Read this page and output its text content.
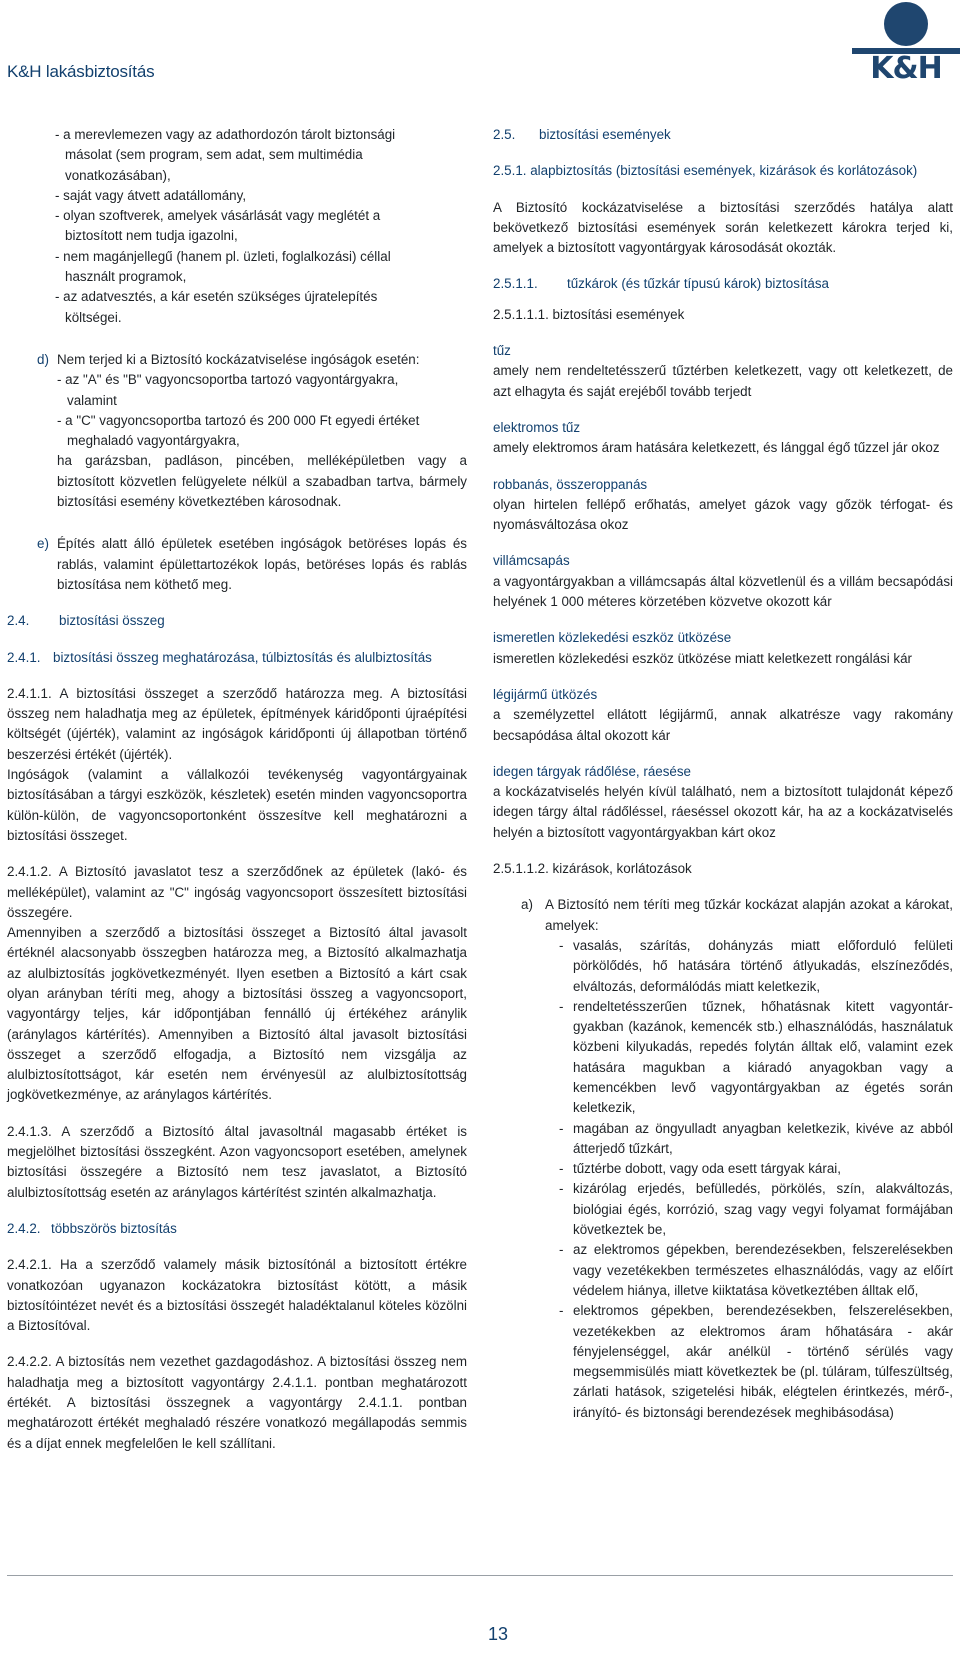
K&H lakásbiztosítás	K&H

- a merevlemezen vagy az adathordozón tárolt biztonsági

másolat (sem program, sem adat, sem multimédia

vonatkozásában),

- saját vagy átvett adatállomány,

- olyan szoftverek, amelyek vásárlását vagy meglétét a

biztosított nem tudja igazolni,

- nem magánjellegű (hanem pl. üzleti, foglalkozási) céllal

használt programok,

- az adatvesztés, a kár esetén szükséges újratelepítés

költségei.

d) Nem terjed ki a Biztosító kockázatviselése ingóságok esetén:

- az "A" és "B" vagyoncsoportba tartozó vagyontárgyakra,

valamint

- a "C" vagyoncsoportba tartozó és 200 000 Ft egyedi értéket

meghaladó vagyontárgyakra,

ha garázsban, padláson, pincében, melléképületben vagy a biztosított közvetlen felügyelete nélkül a szabadban tartva, bármely biztosítási esemény következtében károsodnak.

e) Építés alatt álló épületek esetében ingóságok betöréses lopás és rablás, valamint épülettartozékok lopás, betöréses lopás és rablás biztosítása nem köthető meg.

2.4. biztosítási összeg

2.4.1. biztosítási összeg meghatározása, túlbiztosítás és alulbiztosítás

2.4.1.1. A biztosítási összeget a szerződő határozza meg. A biztosítási összeg nem haladhatja meg az épületek, építmények káridőponti újraépítési költségét (újérték), valamint az ingóságok káridőponti új állapotban történő beszerzési értékét (újérték).

Ingóságok (valamint a vállalkozói tevékenység vagyontárgyainak biztosításában a tárgyi eszközök, készletek) esetén minden vagyoncsoportra külön-külön, de vagyoncsoportonként összesítve kell meghatározni a biztosítási összeget.

2.4.1.2. A Biztosító javaslatot tesz a szerződőnek az épületek (lakó- és melléképület), valamint az "C" ingóság vagyoncsoport összesített biztosítási összegére.

Amennyiben a szerződő a biztosítási összeget a Biztosító által javasolt értéknél alacsonyabb összegben határozza meg, a Biztosító alkalmazhatja az alulbiztosítás jogkövetkezményét. Ilyen esetben a Biztosító a kárt csak olyan arányban téríti meg, ahogy a biztosítási összeg a vagyoncsoport, vagyontárgy teljes, kár időpontjában fennálló új értékéhez aránylik (aránylagos kártérítés). Amennyiben a Biztosító által javasolt biztosítási összeget a szerződő elfogadja, a Biztosító nem vizsgálja az alulbiztosítottságot, kár esetén nem érvényesül az alulbiztosítottság jogkövetkezménye, az aránylagos kártérítés.

2.4.1.3. A szerződő a Biztosító által javasoltnál magasabb értéket is megjelölhet biztosítási összegként. Azon vagyoncsoport esetében, amelynek biztosítási összegére a Biztosító nem tesz javaslatot, a Biztosító alulbiztosítottság esetén az aránylagos kártérítést szintén alkalmazhatja.

2.4.2. többszörös biztosítás

2.4.2.1. Ha a szerződő valamely másik biztosítónál a biztosított értékre vonatkozóan ugyanazon kockázatokra biztosítást kötött, a másik biztosítóintézet nevét és a biztosítási összegét haladéktalanul köteles közölni a Biztosítóval.

2.4.2.2. A biztosítás nem vezethet gazdagodáshoz. A biztosítási összeg nem haladhatja meg a biztosított vagyontárgy 2.4.1.1. pontban meghatározott értékét. A biztosítási összegnek a vagyontárgy 2.4.1.1. pontban meghatározott értékét meghaladó részére vonatkozó megállapodás semmis és a díjat ennek megfelelően le kell szállítani.

2.5. biztosítási események

2.5.1. alapbiztosítás (biztosítási események, kizárások és korlátozások)

A Biztosító kockázatviselése a biztosítási szerződés hatálya alatt bekövetkező biztosítási események során keletkezett károkra terjed ki, amelyek a biztosított vagyontárgyak károsodását okozták.

2.5.1.1. tűzkárok (és tűzkár típusú károk) biztosítása

2.5.1.1.1. biztosítási események

tűz

amely nem rendeltetésszerű tűztérben keletkezett, vagy ott keletkezett, de azt elhagyta és saját erejéből tovább terjedt

elektromos tűz

amely elektromos áram hatására keletkezett, és lánggal égő tűzzel jár okoz

robbanás, összeroppanás

olyan hirtelen fellépő erőhatás, amelyet gázok vagy gőzök térfogat- és nyomásváltozása okoz

villámcsapás

a vagyontárgyakban a villámcsapás által közvetlenül és a villám becsapódási helyének 1 000 méteres körzetében közvetve okozott kár

ismeretlen közlekedési eszköz ütközése

ismeretlen közlekedési eszköz ütközése miatt keletkezett rongálási kár

légijármű ütközés

a személyzettel ellátott légijármű, annak alkatrésze vagy rakomány becsapódása által okozott kár

idegen tárgyak rádőlése, ráesése

a kockázatviselés helyén kívül található, nem a biztosított tulajdonát képező idegen tárgy által rádőléssel, ráeséssel okozott kár, ha az a kockázatviselés helyén a biztosított vagyontárgyakban kárt okoz

2.5.1.1.2. kizárások, korlátozások

a) A Biztosító nem téríti meg tűzkár kockázat alapján azokat a károkat, amelyek:

- vasalás, szárítás, dohányzás miatt előforduló felületi pörkölődés, hő hatására történő átlyukadás, elszíneződés, elváltozás, deformálódás miatt keletkezik,

- rendeltetésszerűen tűznek, hőhatásnak kitett vagyontár-gyakban (kazánok, kemencék stb.) elhasználódás, használatuk közbeni kilyukadás, repedés folytán álltak elő, valamint ezek hatására magukban a kiáradó anyagokban vagy a kemencékben levő vagyontárgyakban az égetés során keletkezik,

- magában az öngyulladt anyagban keletkezik, kivéve az abból átterjedő tűzkárt,

- tűztérbe dobott, vagy oda esett tárgyak kárai,

- kizárólag erjedés, befülledés, pörkölés, szín, alakváltozás, biológiai égés, korrózió, szag vagy vegyi folyamat formájában következtek be,

- az elektromos gépekben, berendezésekben, felszerelésekben vagy vezetékekben természetes elhasználódás, vagy az előírt védelem hiánya, illetve kiiktatása következtében álltak elő,

- elektromos gépekben, berendezésekben, felszerelésekben, vezetékekben az elektromos áram hőhatására - akár fényjelenséggel, akár anélkül - történő sérülés vagy megsemmisülés miatt következtek be (pl. túláram, túlfeszültség, zárlati hatások, szigetelési hibák, elégtelen érintkezés, mérő-, irányító- és biztonsági berendezések meghibásodása)

13
